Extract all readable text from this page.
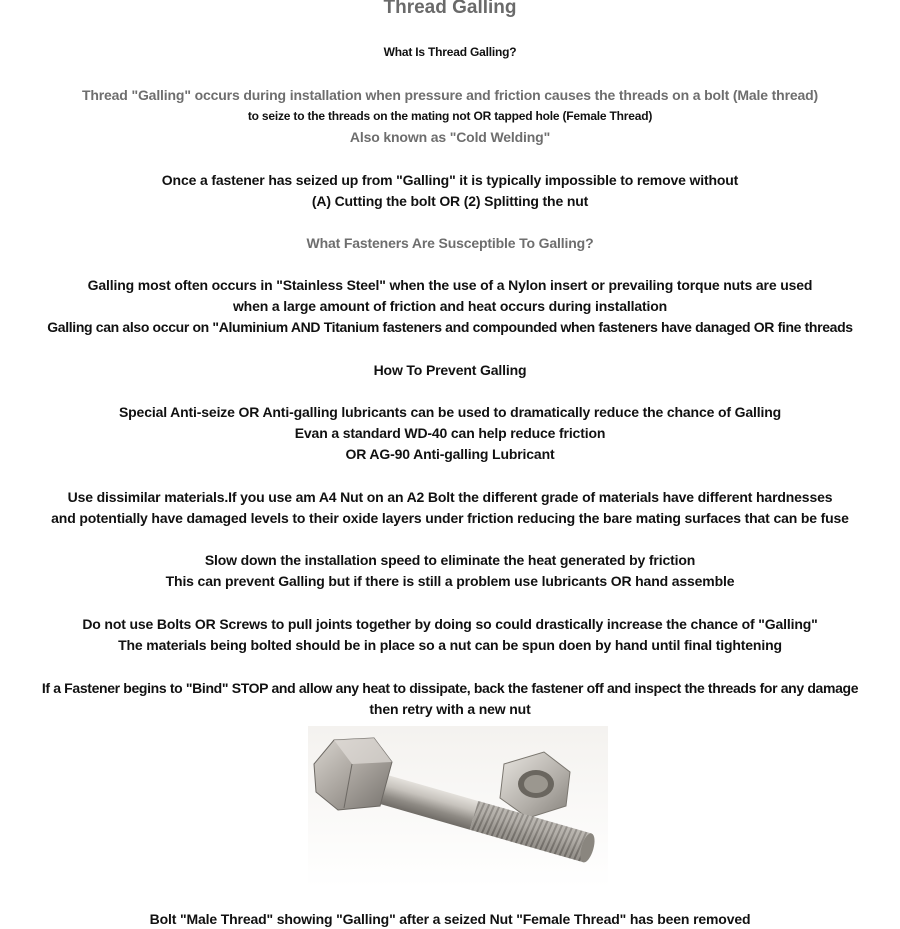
Thread Galling
What Is Thread Galling?
Thread "Galling" occurs during installation when pressure and friction causes the threads on a bolt (Male thread)
to seize to the threads on the mating not OR tapped hole (Female Thread)
Also known as "Cold Welding"
Once a fastener has seized up from "Galling" it is typically impossible to remove without
(A) Cutting the bolt OR (2) Splitting the nut
What Fasteners Are Susceptible To Galling?
Galling most often occurs in "Stainless Steel" when the use of a Nylon insert or prevailing torque nuts are used
when a large amount of friction and heat occurs during installation
Galling can also occur on "Aluminium AND Titanium fasteners and compounded when fasteners have danaged OR fine threads
How To Prevent Galling
Special Anti-seize OR Anti-galling lubricants can be used to dramatically reduce the chance of Galling
Evan a standard WD-40 can help reduce friction
OR AG-90 Anti-galling Lubricant
Use dissimilar materials.If you use am A4 Nut on an A2 Bolt the different grade of materials have different hardnesses
and potentially have damaged levels to their oxide layers under friction reducing the bare mating surfaces that can be fuse
Slow down the installation speed to eliminate the heat generated by friction
This can prevent Galling but if there is still a problem use lubricants OR hand assemble
Do not use Bolts OR Screws to pull joints together by doing so could drastically increase the chance of "Galling"
The materials being bolted should be in place so a nut can be spun doen by hand until final tightening
If a Fastener begins to "Bind" STOP and allow any heat to dissipate, back the fastener off and inspect the threads for any damage
then retry with a new nut
Bolt "Male Thread" showing "Galling" after a seized Nut "Female Thread" has been removed
